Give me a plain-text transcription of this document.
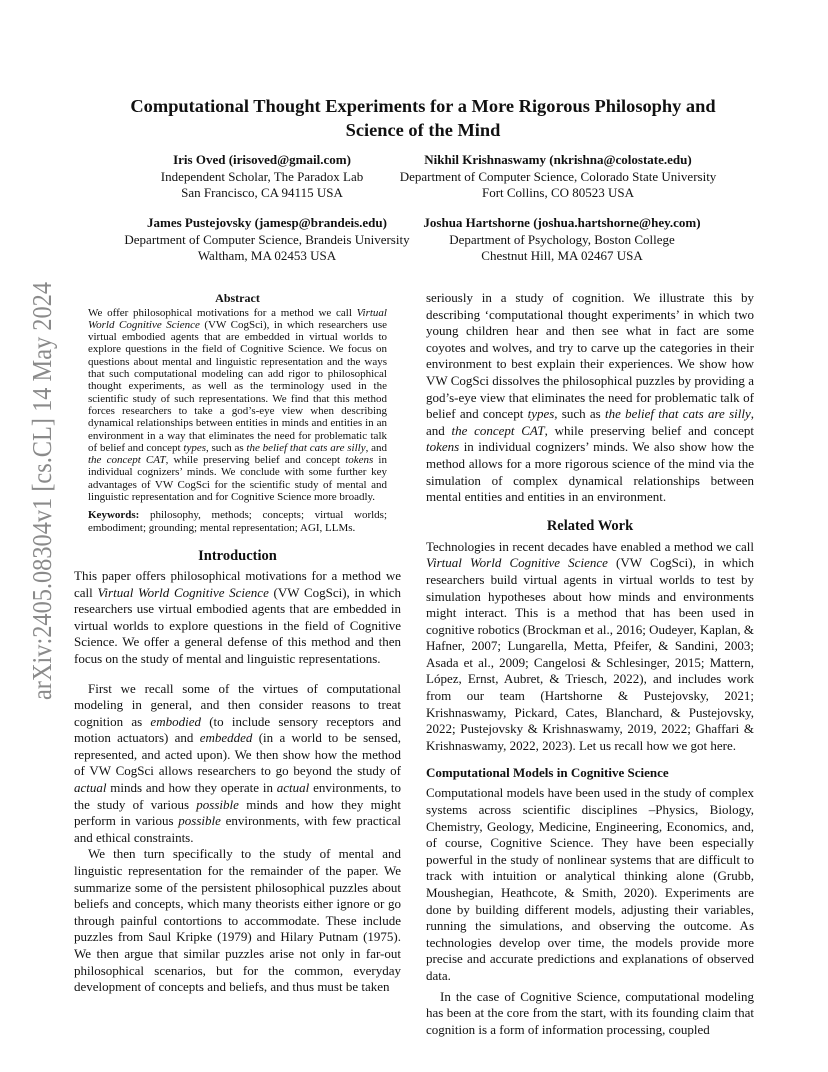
arXiv:2405.08304v1 [cs.CL] 14 May 2024
Computational Thought Experiments for a More Rigorous Philosophy and
Science of the Mind
Iris Oved (irisoved@gmail.com)
Independent Scholar, The Paradox Lab
San Francisco, CA 94115 USA
Nikhil Krishnaswamy (nkrishna@colostate.edu)
Department of Computer Science, Colorado State University
Fort Collins, CO 80523 USA
James Pustejovsky (jamesp@brandeis.edu)
Department of Computer Science, Brandeis University
Waltham, MA 02453 USA
Joshua Hartshorne (joshua.hartshorne@hey.com)
Department of Psychology, Boston College
Chestnut Hill, MA 02467 USA

Abstract

We offer philosophical motivations for a method we call Virtual World Cognitive Science (VW CogSci), in which researchers use virtual embodied agents that are embedded in virtual worlds to explore questions in the field of Cognitive Science. We focus on questions about mental and linguistic representation and the ways that such computational modeling can add rigor to philosophical thought experiments, as well as the terminology used in the scientific study of such representations. We find that this method forces researchers to take a god’s-eye view when describing dynamical relationships between entities in minds and entities in an environment in a way that eliminates the need for problematic talk of belief and concept types, such as the belief that cats are silly, and the concept CAT, while preserving belief and concept tokens in individual cognizers’ minds. We conclude with some further key advantages of VW CogSci for the scientific study of mental and linguistic representation and for Cognitive Science more broadly.

Keywords: philosophy, methods; concepts; virtual worlds; embodiment; grounding; mental representation; AGI, LLMs.

Introduction

This paper offers philosophical motivations for a method we call Virtual World Cognitive Science (VW CogSci), in which researchers use virtual embodied agents that are embedded in virtual worlds to explore questions in the field of Cognitive Science. We offer a general defense of this method and then focus on the study of mental and linguistic representations.

First we recall some of the virtues of computational modeling in general, and then consider reasons to treat cognition as embodied (to include sensory receptors and motion actuators) and embedded (in a world to be sensed, represented, and acted upon). We then show how the method of VW CogSci allows researchers to go beyond the study of actual minds and how they operate in actual environments, to the study of various possible minds and how they might perform in various possible environments, with few practical and ethical constraints.

We then turn specifically to the study of mental and linguistic representation for the remainder of the paper. We summarize some of the persistent philosophical puzzles about beliefs and concepts, which many theorists either ignore or go through painful contortions to accommodate. These include puzzles from Saul Kripke (1979) and Hilary Putnam (1975). We then argue that similar puzzles arise not only in far-out philosophical scenarios, but for the common, everyday development of concepts and beliefs, and thus must be taken

seriously in a study of cognition. We illustrate this by describing ‘computational thought experiments’ in which two young children hear and then see what in fact are some coyotes and wolves, and try to carve up the categories in their environment to best explain their experiences. We show how VW CogSci dissolves the philosophical puzzles by providing a god’s-eye view that eliminates the need for problematic talk of belief and concept types, such as the belief that cats are silly, and the concept CAT, while preserving belief and concept tokens in individual cognizers’ minds. We also show how the method allows for a more rigorous science of the mind via the simulation of complex dynamical relationships between mental entities and entities in an environment.

Related Work

Technologies in recent decades have enabled a method we call Virtual World Cognitive Science (VW CogSci), in which researchers build virtual agents in virtual worlds to test by simulation hypotheses about how minds and environments might interact. This is a method that has been used in cognitive robotics (Brockman et al., 2016; Oudeyer, Kaplan, & Hafner, 2007; Lungarella, Metta, Pfeifer, & Sandini, 2003; Asada et al., 2009; Cangelosi & Schlesinger, 2015; Mattern, López, Ernst, Aubret, & Triesch, 2022), and includes work from our team (Hartshorne & Pustejovsky, 2021; Krishnaswamy, Pickard, Cates, Blanchard, & Pustejovsky, 2022; Pustejovsky & Krishnaswamy, 2019, 2022; Ghaffari & Krishnaswamy, 2022, 2023). Let us recall how we got here.

Computational Models in Cognitive Science

Computational models have been used in the study of complex systems across scientific disciplines –Physics, Biology, Chemistry, Geology, Medicine, Engineering, Economics, and, of course, Cognitive Science. They have been especially powerful in the study of nonlinear systems that are difficult to track with intuition or analytical thinking alone (Grubb, Moushegian, Heathcote, & Smith, 2020). Experiments are done by building different models, adjusting their variables, running the simulations, and observing the outcome. As technologies develop over time, the models provide more precise and accurate predictions and explanations of observed data.

In the case of Cognitive Science, computational modeling has been at the core from the start, with its founding claim that cognition is a form of information processing, coupled
